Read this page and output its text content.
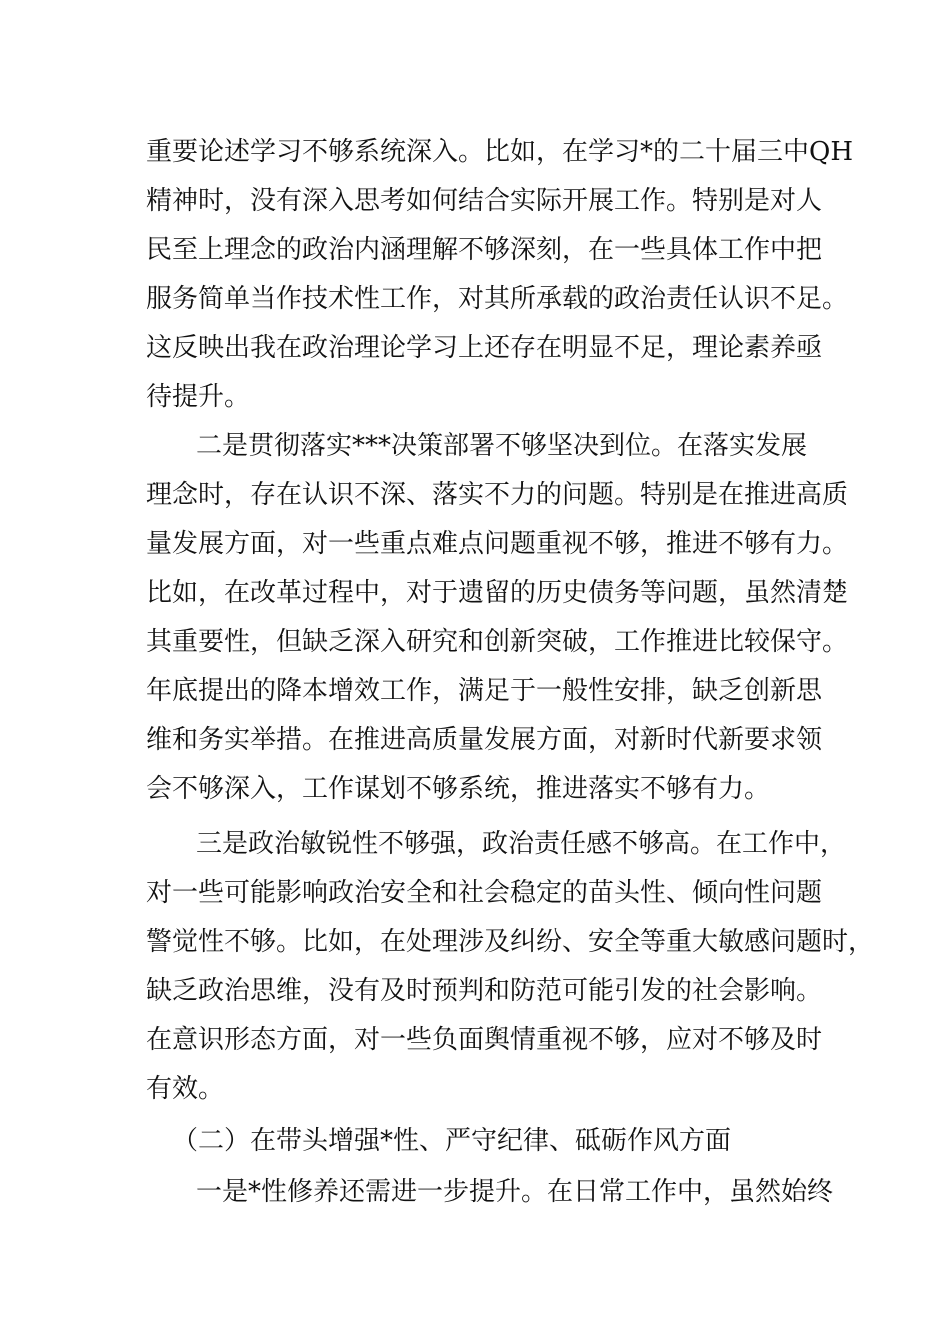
重要论述学习不够系统深入。比如，在学习*的二十届三中QH

精神时，没有深入思考如何结合实际开展工作。特别是对人

民至上理念的政治内涵理解不够深刻，在一些具体工作中把

服务简单当作技术性工作，对其所承载的政治责任认识不足。

这反映出我在政治理论学习上还存在明显不足，理论素养亟

待提升。

二是贯彻落实***决策部署不够坚决到位。在落实发展

理念时，存在认识不深、落实不力的问题。特别是在推进高质

量发展方面，对一些重点难点问题重视不够，推进不够有力。

比如，在改革过程中，对于遗留的历史债务等问题，虽然清楚

其重要性，但缺乏深入研究和创新突破，工作推进比较保守。

年底提出的降本增效工作，满足于一般性安排，缺乏创新思

维和务实举措。在推进高质量发展方面，对新时代新要求领

会不够深入，工作谋划不够系统，推进落实不够有力。

三是政治敏锐性不够强，政治责任感不够高。在工作中，

对一些可能影响政治安全和社会稳定的苗头性、倾向性问题

警觉性不够。比如，在处理涉及纠纷、安全等重大敏感问题时，

缺乏政治思维，没有及时预判和防范可能引发的社会影响。

在意识形态方面，对一些负面舆情重视不够，应对不够及时

有效。

（二）在带头增强*性、严守纪律、砥砺作风方面

一是*性修养还需进一步提升。在日常工作中，虽然始终
